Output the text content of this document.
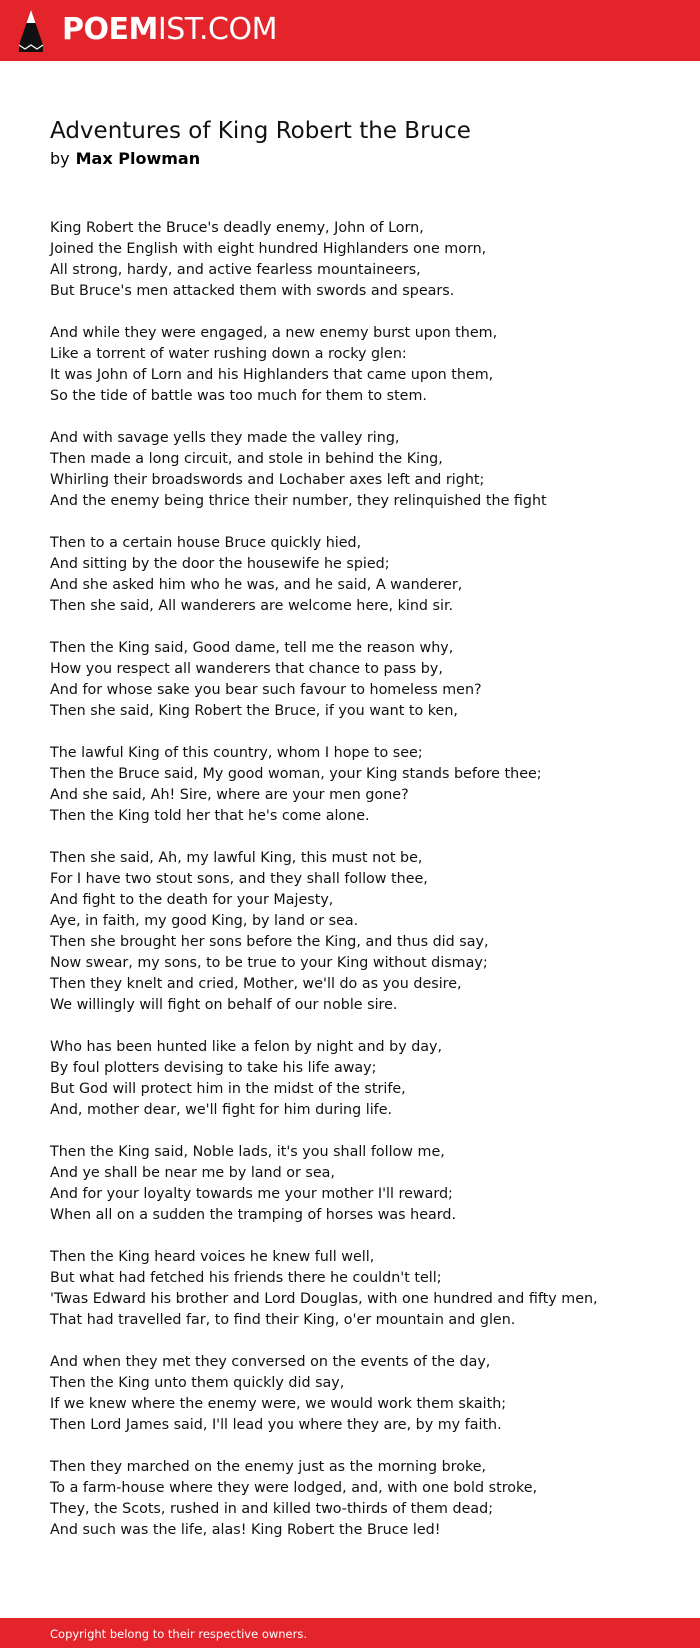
POEMIST.COM
Adventures of King Robert the Bruce
by Max Plowman
King Robert the Bruce's deadly enemy, John of Lorn,
Joined the English with eight hundred Highlanders one morn,
All strong, hardy, and active fearless mountaineers,
But Bruce's men attacked them with swords and spears.
And while they were engaged, a new enemy burst upon them,
Like a torrent of water rushing down a rocky glen:
It was John of Lorn and his Highlanders that came upon them,
So the tide of battle was too much for them to stem.
And with savage yells they made the valley ring,
Then made a long circuit, and stole in behind the King,
Whirling their broadswords and Lochaber axes left and right;
And the enemy being thrice their number, they relinquished the fight
Then to a certain house Bruce quickly hied,
And sitting by the door the housewife he spied;
And she asked him who he was, and he said, A wanderer,
Then she said, All wanderers are welcome here, kind sir.
Then the King said, Good dame, tell me the reason why,
How you respect all wanderers that chance to pass by,
And for whose sake you bear such favour to homeless men?
Then she said, King Robert the Bruce, if you want to ken,
The lawful King of this country, whom I hope to see;
Then the Bruce said, My good woman, your King stands before thee;
And she said, Ah! Sire, where are your men gone?
Then the King told her that he's come alone.
Then she said, Ah, my lawful King, this must not be,
For I have two stout sons, and they shall follow thee,
And fight to the death for your Majesty,
Aye, in faith, my good King, by land or sea.
Then she brought her sons before the King, and thus did say,
Now swear, my sons, to be true to your King without dismay;
Then they knelt and cried, Mother, we'll do as you desire,
We willingly will fight on behalf of our noble sire.
Who has been hunted like a felon by night and by day,
By foul plotters devising to take his life away;
But God will protect him in the midst of the strife,
And, mother dear, we'll fight for him during life.
Then the King said, Noble lads, it's you shall follow me,
And ye shall be near me by land or sea,
And for your loyalty towards me your mother I'll reward;
When all on a sudden the tramping of horses was heard.
Then the King heard voices he knew full well,
But what had fetched his friends there he couldn't tell;
'Twas Edward his brother and Lord Douglas, with one hundred and fifty men,
That had travelled far, to find their King, o'er mountain and glen.
And when they met they conversed on the events of the day,
Then the King unto them quickly did say,
If we knew where the enemy were, we would work them skaith;
Then Lord James said, I'll lead you where they are, by my faith.
Then they marched on the enemy just as the morning broke,
To a farm-house where they were lodged, and, with one bold stroke,
They, the Scots, rushed in and killed two-thirds of them dead;
And such was the life, alas! King Robert the Bruce led!
Copyright belong to their respective owners.
